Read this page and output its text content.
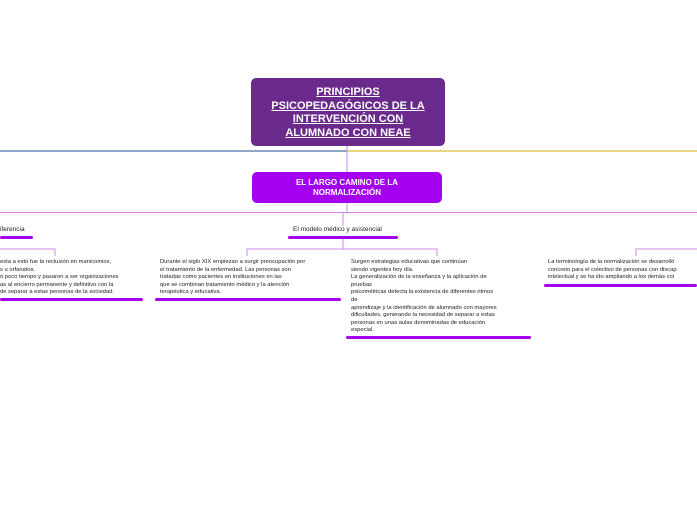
PRINCIPIOS
PSICOPEDAGÓGICOS DE LA
INTERVENCIÓN CON
ALUMNADO CON NEAE
EL LARGO CAMINO DE LA
NORMALIZACIÓN
iferencia	El modelo médico y asistencial
esta a esto fue la reclusión en manicomios,
s u orfanatos.
ó poco tiempo y pasaron a ser organizaciones
as al encierro permanente y definitivo con la
de separar a estas personas de la sociedad.
Durante el siglo XIX empiezan a surgir preocupación por
el tratamiento de la enfermedad. Las personas son
tratadas como pacientes en instituciones en las
que se combinan tratamiento médico y la atención
terapéutica y educativa.
Surgen estrategias educativas que continúan
siendo vigentes hoy día.
La generalización de la enseñanza y la aplicación de
pruebas
psicométricas detecta la existencia de diferentes ritmos
de
aprendizaje y la identificación de alumnado con mayores
dificultades, generando la necesidad de separar a estas
personas en unas aulas denominadas de educación
especial.
La terminología de la normalización se desarrolló
concreto para el colectivo de personas con discap
intelectual y se ha ido ampliando a los demás col
